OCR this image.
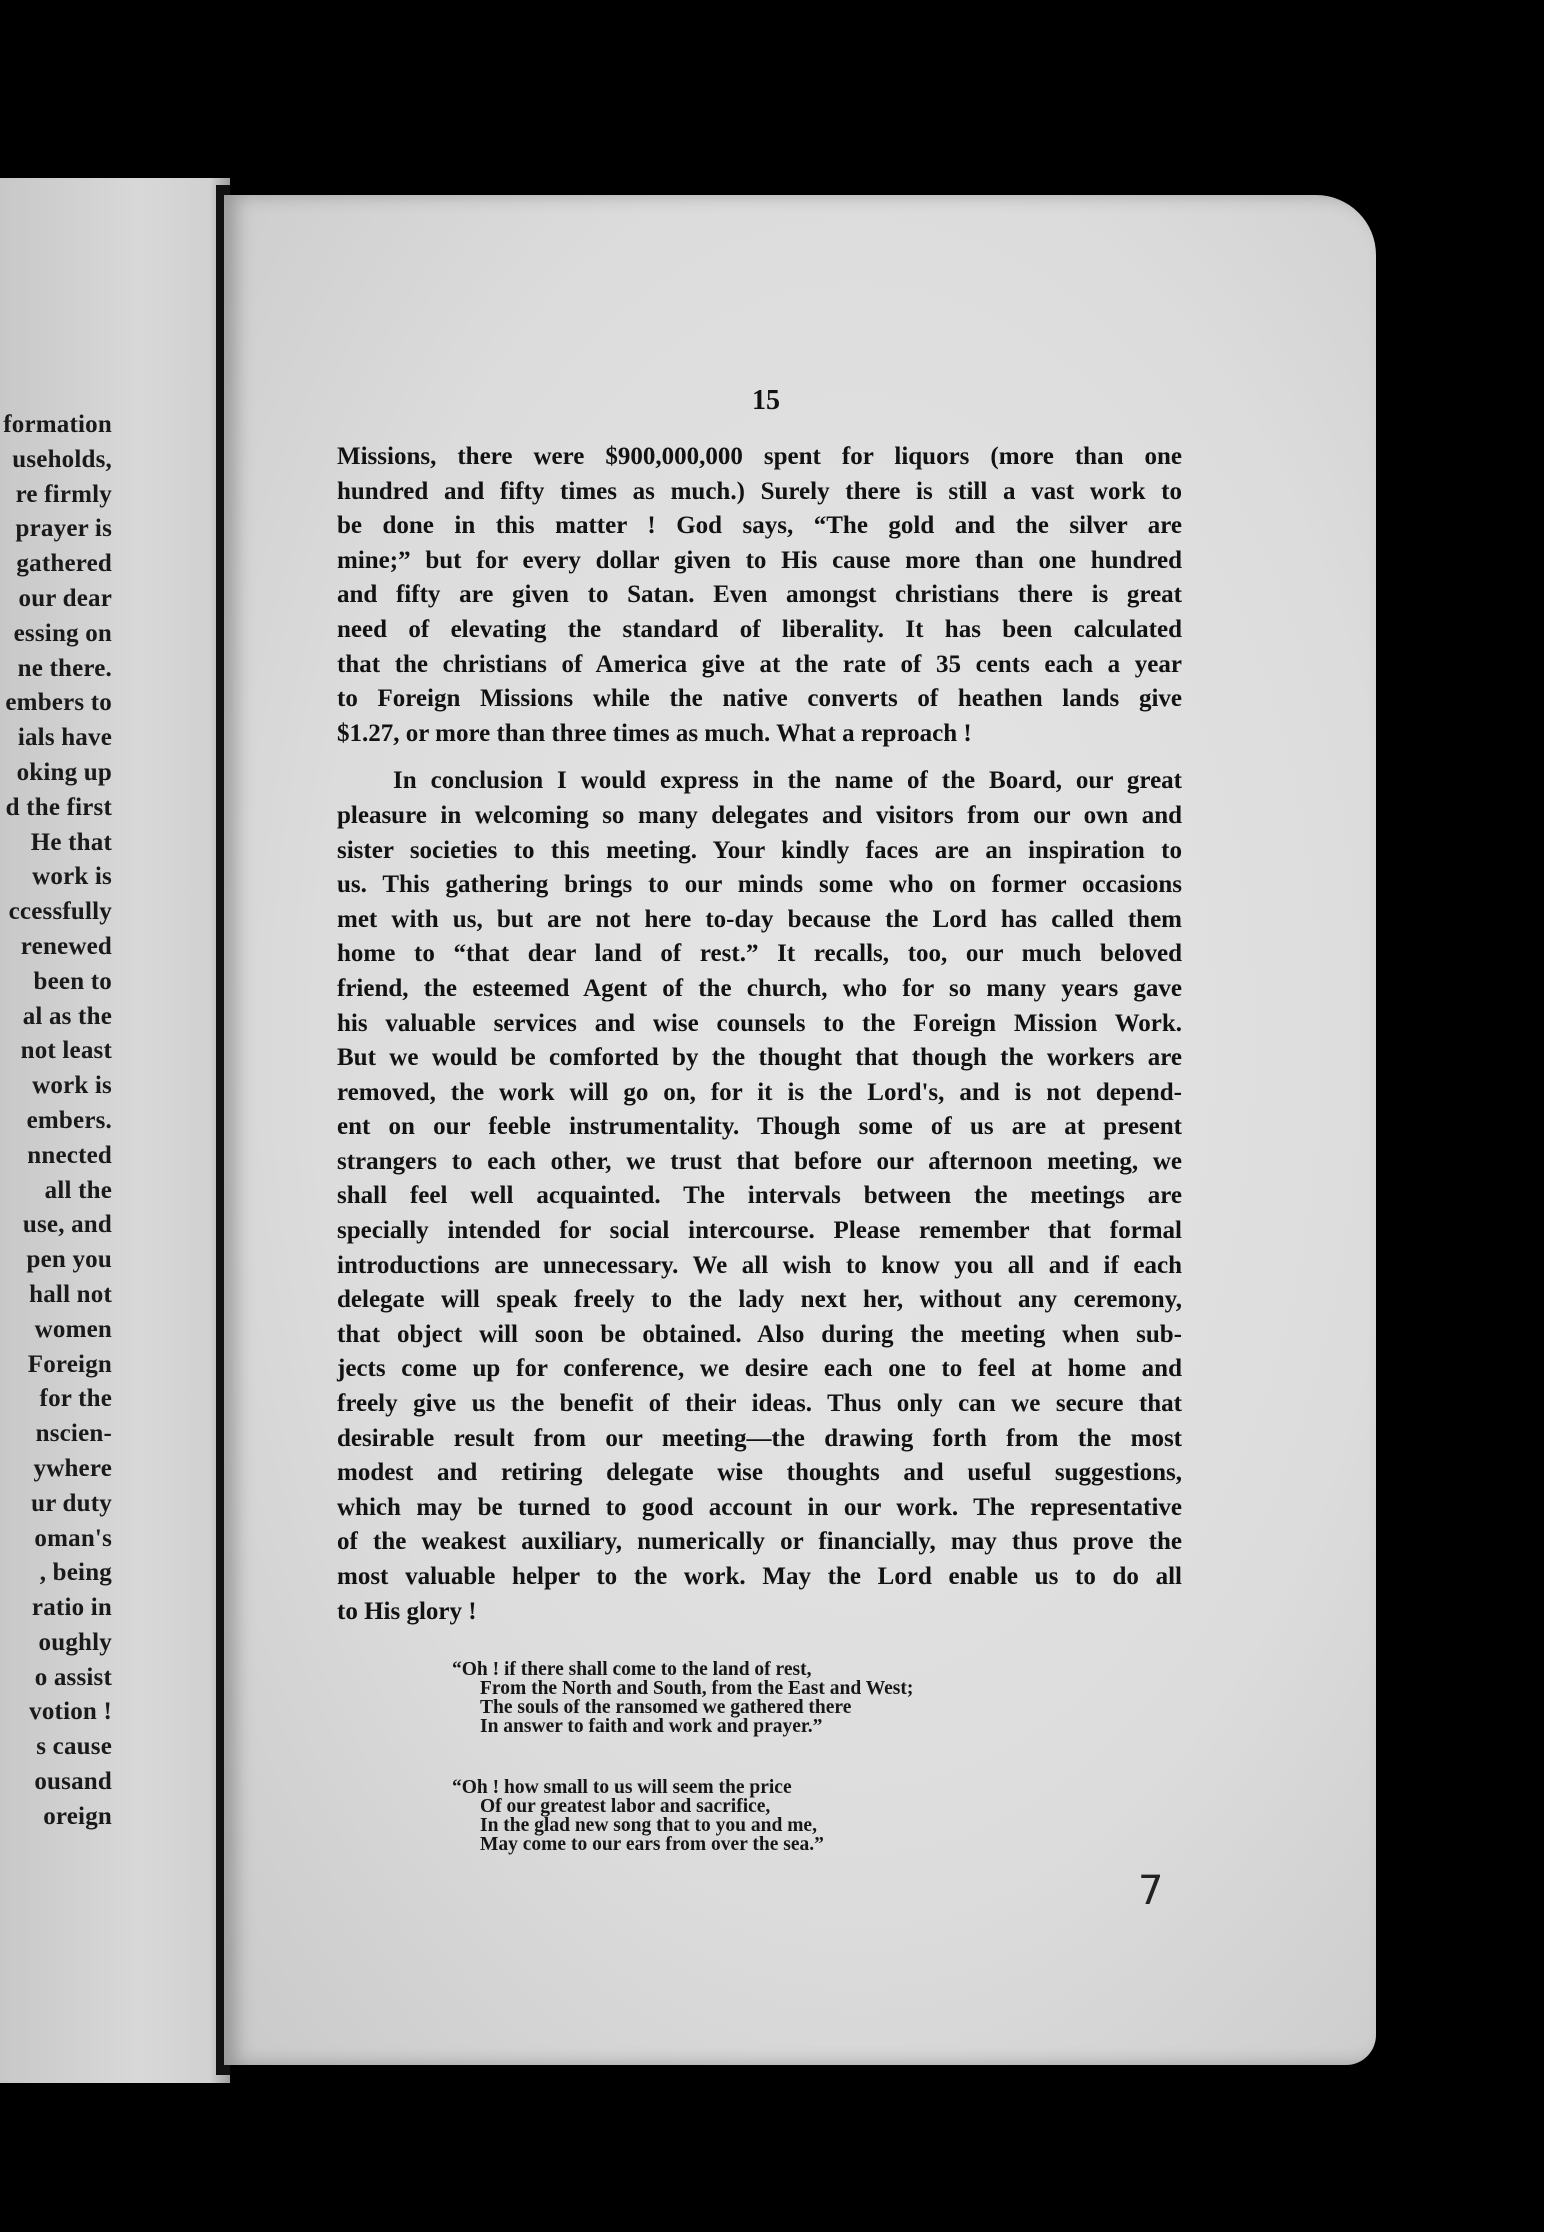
formation
useholds,
re firmly
prayer is
gathered
our dear
essing on
ne there.
embers to
ials have
oking up
d the first
He that
work is
ccessfully
renewed
been to
al as the
not least
work is
embers.
nnected
all the
use, and
pen you
hall not
women
Foreign
for the
nscien-
ywhere
ur duty
oman's
, being
ratio in
oughly
o assist
votion !
s cause
ousand
oreign
15

Missions, there were $900,000,000 spent for liquors (more than one
hundred and fifty times as much.) Surely there is still a vast work to
be done in this matter ! God says, “The gold and the silver are
mine;” but for every dollar given to His cause more than one hundred
and fifty are given to Satan. Even amongst christians there is great
need of elevating the standard of liberality. It has been calculated
that the christians of America give at the rate of 35 cents each a year
to Foreign Missions while the native converts of heathen lands give
$1.27, or more than three times as much. What a reproach !

In conclusion I would express in the name of the Board, our great
pleasure in welcoming so many delegates and visitors from our own and
sister societies to this meeting. Your kindly faces are an inspiration to
us. This gathering brings to our minds some who on former occasions
met with us, but are not here to-day because the Lord has called them
home to “that dear land of rest.” It recalls, too, our much beloved
friend, the esteemed Agent of the church, who for so many years gave
his valuable services and wise counsels to the Foreign Mission Work.
But we would be comforted by the thought that though the workers are
removed, the work will go on, for it is the Lord's, and is not depend-
ent on our feeble instrumentality. Though some of us are at present
strangers to each other, we trust that before our afternoon meeting, we
shall feel well acquainted. The intervals between the meetings are
specially intended for social intercourse. Please remember that formal
introductions are unnecessary. We all wish to know you all and if each
delegate will speak freely to the lady next her, without any ceremony,
that object will soon be obtained. Also during the meeting when sub-
jects come up for conference, we desire each one to feel at home and
freely give us the benefit of their ideas. Thus only can we secure that
desirable result from our meeting—the drawing forth from the most
modest and retiring delegate wise thoughts and useful suggestions,
which may be turned to good account in our work. The representative
of the weakest auxiliary, numerically or financially, may thus prove the
most valuable helper to the work. May the Lord enable us to do all
to His glory !

“Oh ! if there shall come to the land of rest,
From the North and South, from the East and West;
The souls of the ransomed we gathered there
In answer to faith and work and prayer.”
“Oh ! how small to us will seem the price
Of our greatest labor and sacrifice,
In the glad new song that to you and me,
May come to our ears from over the sea.”
7
